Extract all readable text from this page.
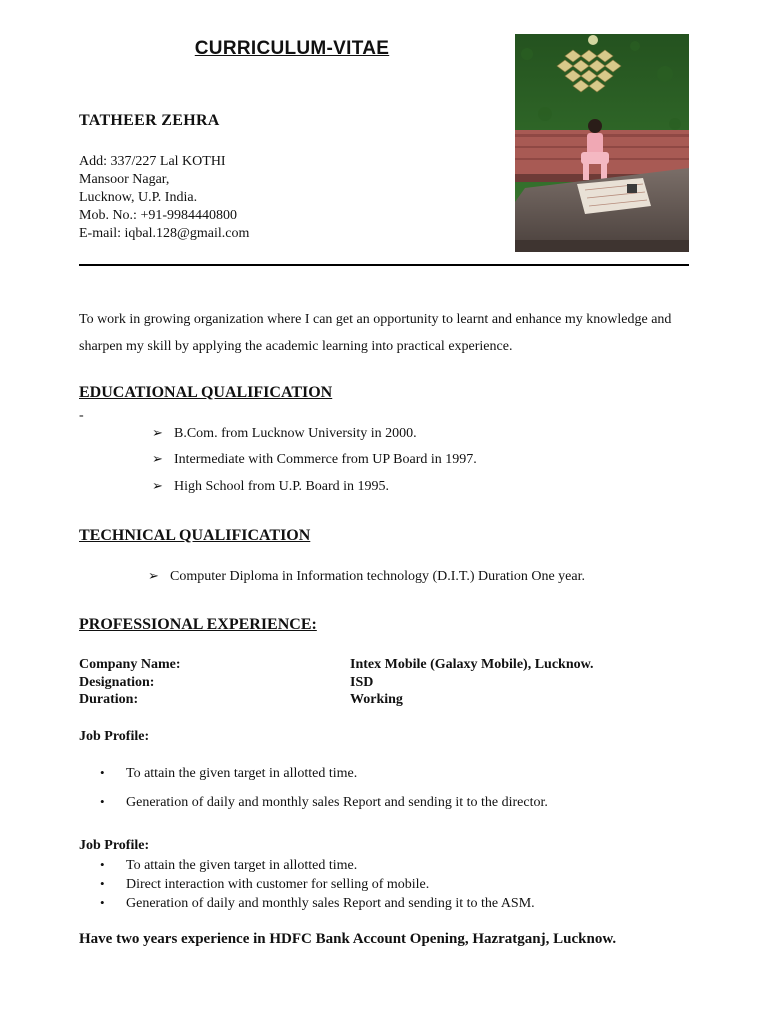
CURRICULUM-VITAE
TATHEER ZEHRA
Add: 337/227 Lal KOTHI
Mansoor Nagar,
Lucknow, U.P. India.
Mob. No.: +91-9984440800
E-mail: iqbal.128@gmail.com
To work in growing organization where I can get an opportunity to learnt and enhance my knowledge and sharpen my skill by applying the academic learning into practical experience.
EDUCATIONAL QUALIFICATION
-
➢ B.Com. from Lucknow University in 2000.
➢ Intermediate with Commerce from UP Board in 1997.
➢ High School from U.P. Board in 1995.
TECHNICAL QUALIFICATION
➢ Computer Diploma in Information technology (D.I.T.) Duration One year.
PROFESSIONAL EXPERIENCE:
Company Name:	Intex Mobile (Galaxy Mobile), Lucknow.
Designation:	ISD
Duration:	Working
Job Profile:
• To attain the given target in allotted time.
• Generation of daily and monthly sales Report and sending it to the director.
Job Profile:
• To attain the given target in allotted time.
• Direct interaction with customer for selling of mobile.
• Generation of daily and monthly sales Report and sending it to the ASM.
Have two years experience in HDFC Bank Account Opening, Hazratganj, Lucknow.
